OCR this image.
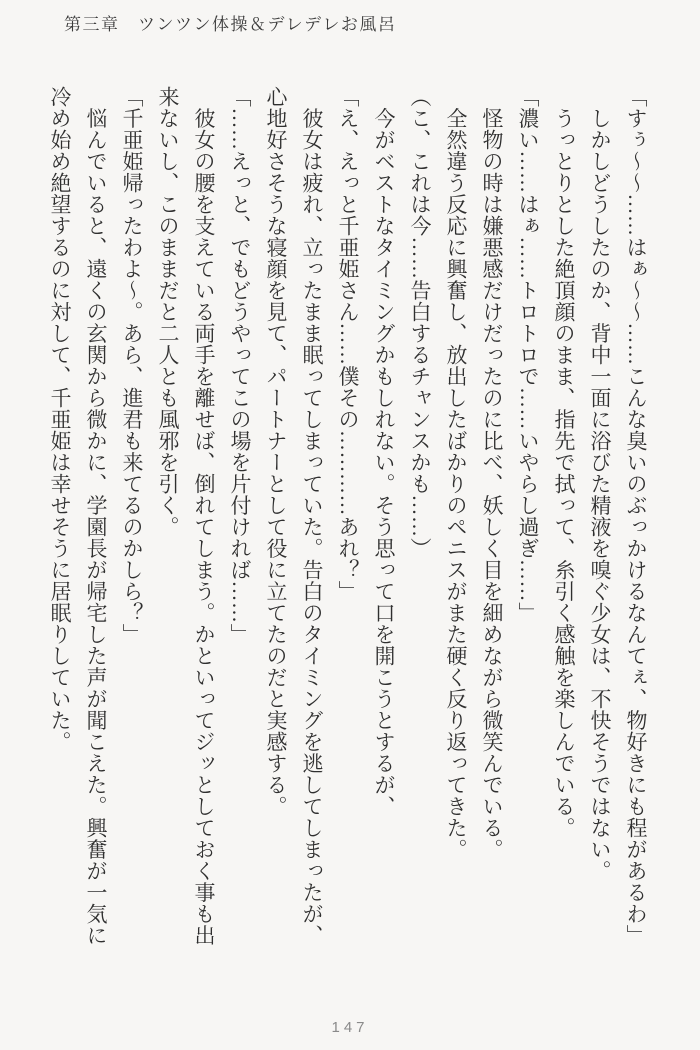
第三章　ツンツン体操＆デレデレお風呂

「すぅ～～……はぁ～～……こんな臭いのぶっかけるなんてぇ、物好きにも程があるわ」

　しかしどうしたのか、背中一面に浴びた精液を嗅ぐ少女は、不快そうではない。

　うっとりとした絶頂顔のまま、指先で拭って、糸引く感触を楽しんでいる。

「濃い……はぁ……トロトロで……いやらし過ぎ……」

　怪物の時は嫌悪感だけだったのに比べ、妖しく目を細めながら微笑んでいる。

　全然違う反応に興奮し、放出したばかりのペニスがまた硬く反り返ってきた。

（こ、これは今……告白するチャンスかも……）

　今がベストなタイミングかもしれない。そう思って口を開こうとするが、

「え、えっと千亜姫さん……僕その…………あれ？」

　彼女は疲れ、立ったまま眠ってしまっていた。告白のタイミングを逃してしまったが、

心地好さそうな寝顔を見て、パートナーとして役に立てたのだと実感する。

「……えっと、でもどうやってこの場を片付ければ……」

　彼女の腰を支えている両手を離せば、倒れてしまう。かといってジッとしておく事も出

来ないし、このままだと二人とも風邪を引く。

「千亜姫帰ったわよ～。あら、進君も来てるのかしら？」

　悩んでいると、遠くの玄関から微かに、学園長が帰宅した声が聞こえた。興奮が一気に

冷め始め絶望するのに対して、千亜姫は幸せそうに居眠りしていた。

147
